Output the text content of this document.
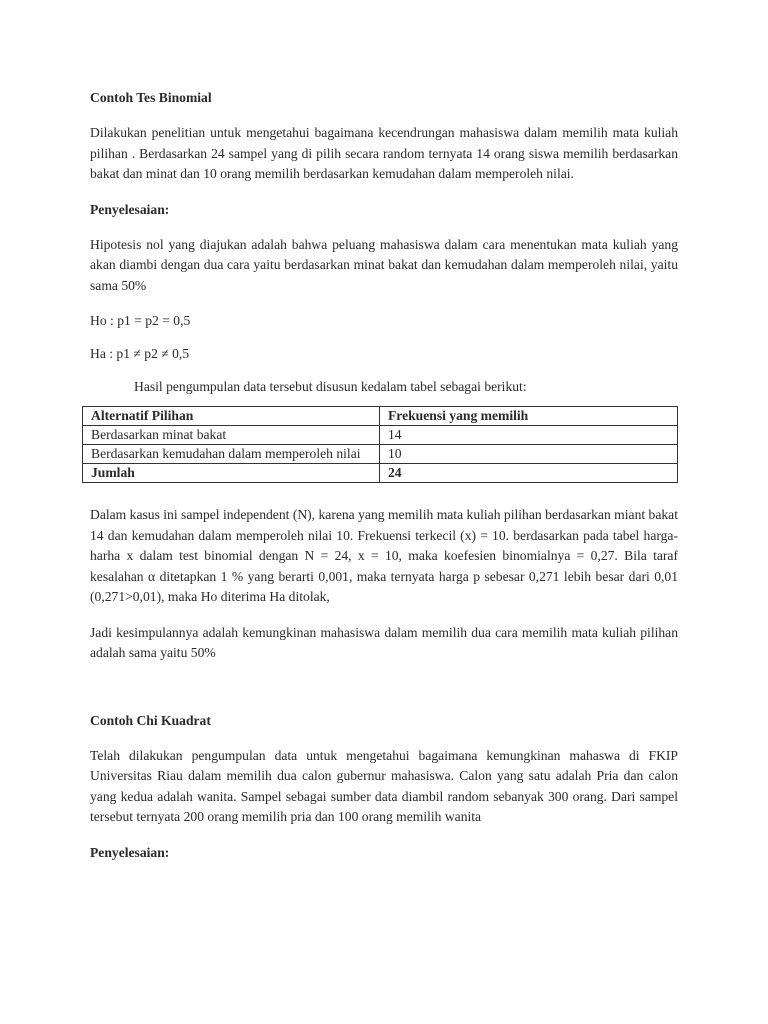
Contoh Tes Binomial
Dilakukan penelitian untuk mengetahui bagaimana kecendrungan mahasiswa dalam memilih mata kuliah pilihan . Berdasarkan 24 sampel yang di pilih secara random ternyata 14 orang siswa memilih berdasarkan bakat dan minat dan 10 orang memilih berdasarkan kemudahan dalam memperoleh nilai.
Penyelesaian:
Hipotesis nol yang diajukan adalah bahwa peluang mahasiswa dalam cara menentukan mata kuliah yang akan diambi dengan dua cara yaitu berdasarkan minat bakat dan kemudahan dalam memperoleh nilai, yaitu sama 50%
Ho : p1 = p2 = 0,5
Ha : p1 ≠ p2 ≠ 0,5
Hasil pengumpulan data tersebut disusun kedalam tabel sebagai berikut:
Alternatif Pilihan	Frekuensi yang memilih
Berdasarkan minat bakat	14
Berdasarkan kemudahan dalam memperoleh nilai	10
Jumlah	24
Dalam kasus ini sampel independent (N), karena yang memilih mata kuliah pilihan berdasarkan miant bakat 14 dan kemudahan dalam memperoleh nilai 10. Frekuensi terkecil (x) = 10. berdasarkan pada tabel harga-harha x dalam test binomial dengan N = 24, x = 10, maka koefesien binomialnya = 0,27. Bila taraf kesalahan α ditetapkan 1 % yang berarti 0,001, maka ternyata harga p sebesar 0,271 lebih besar dari 0,01 (0,271>0,01), maka Ho diterima Ha ditolak,
Jadi kesimpulannya adalah kemungkinan mahasiswa dalam memilih dua cara memilih mata kuliah pilihan adalah sama yaitu 50%
Contoh Chi Kuadrat
Telah dilakukan pengumpulan data untuk mengetahui bagaimana kemungkinan mahaswa di FKIP Universitas Riau dalam memilih dua calon gubernur mahasiswa. Calon yang satu adalah Pria dan calon yang kedua adalah wanita. Sampel sebagai sumber data diambil random sebanyak 300 orang. Dari sampel tersebut ternyata 200 orang memilih pria dan 100 orang memilih wanita
Penyelesaian:
